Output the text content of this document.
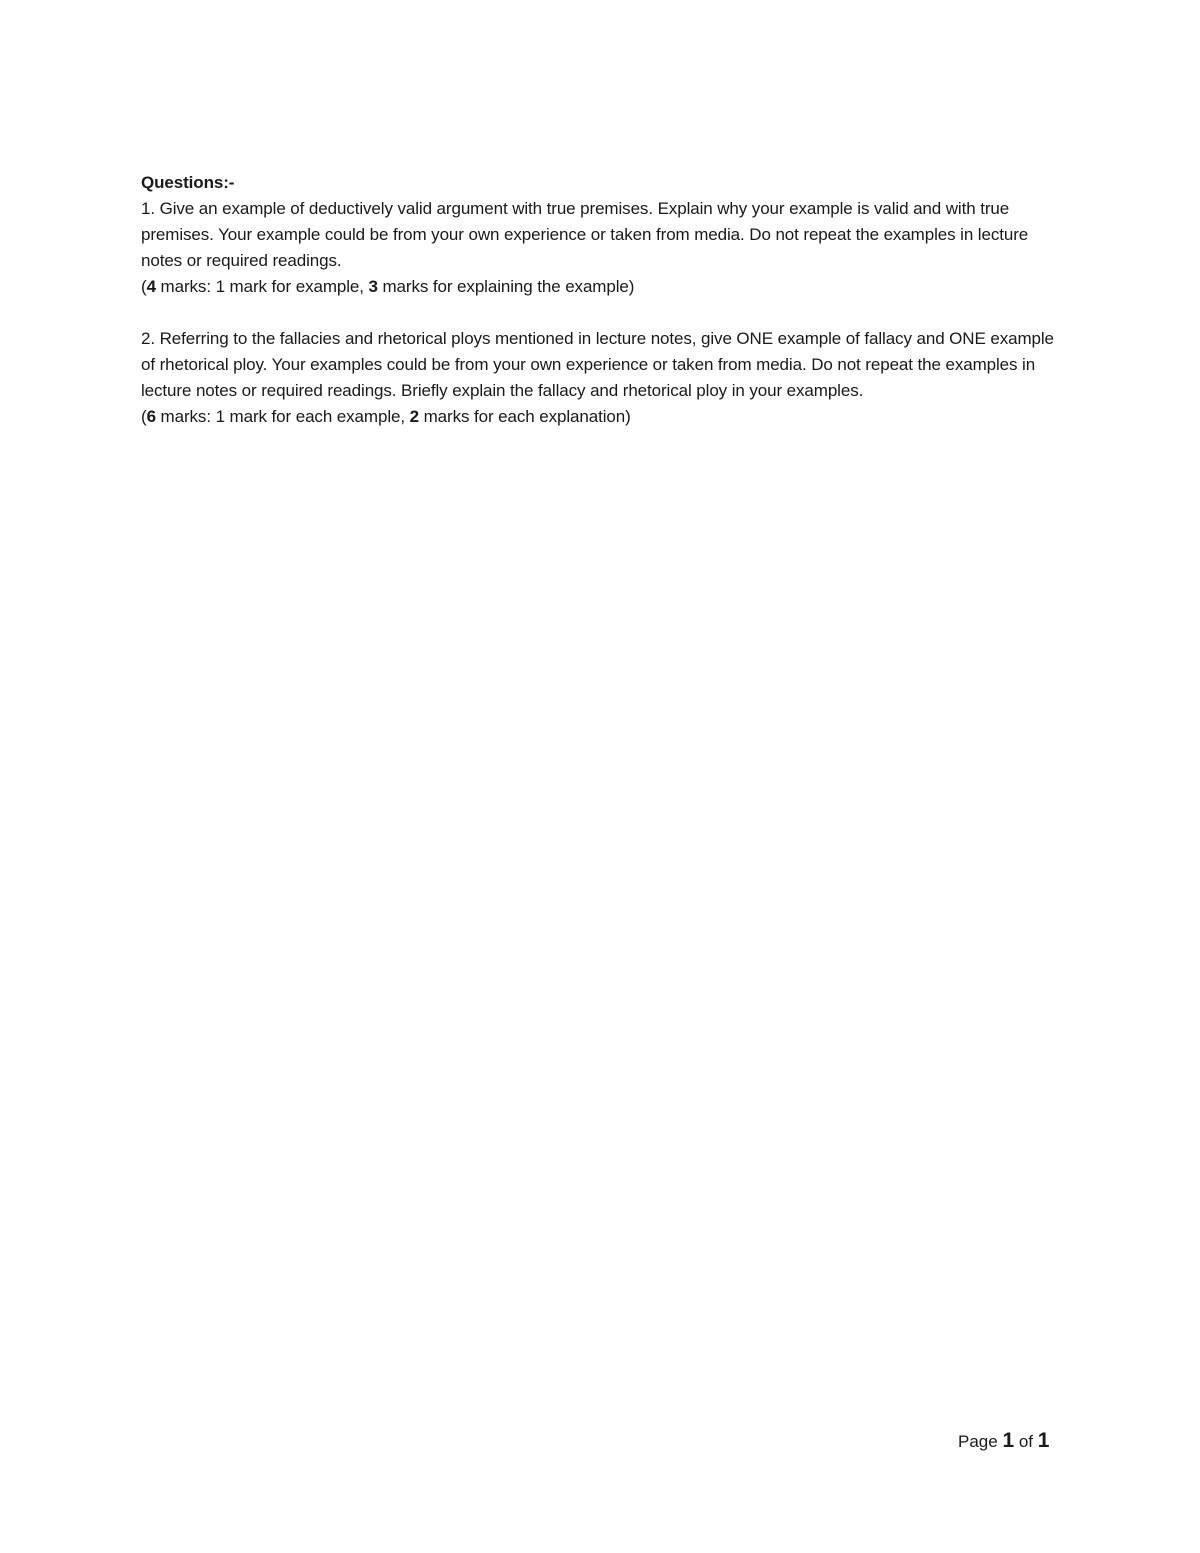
Questions:-

1. Give an example of deductively valid argument with true premises. Explain why your example is valid and with true premises. Your example could be from your own experience or taken from media. Do not repeat the examples in lecture notes or required readings.

(4 marks: 1 mark for example, 3 marks for explaining the example)

2. Referring to the fallacies and rhetorical ploys mentioned in lecture notes, give ONE example of fallacy and ONE example of rhetorical ploy. Your examples could be from your own experience or taken from media. Do not repeat the examples in lecture notes or required readings. Briefly explain the fallacy and rhetorical ploy in your examples.

(6 marks: 1 mark for each example, 2 marks for each explanation)

Page 1 of 1
